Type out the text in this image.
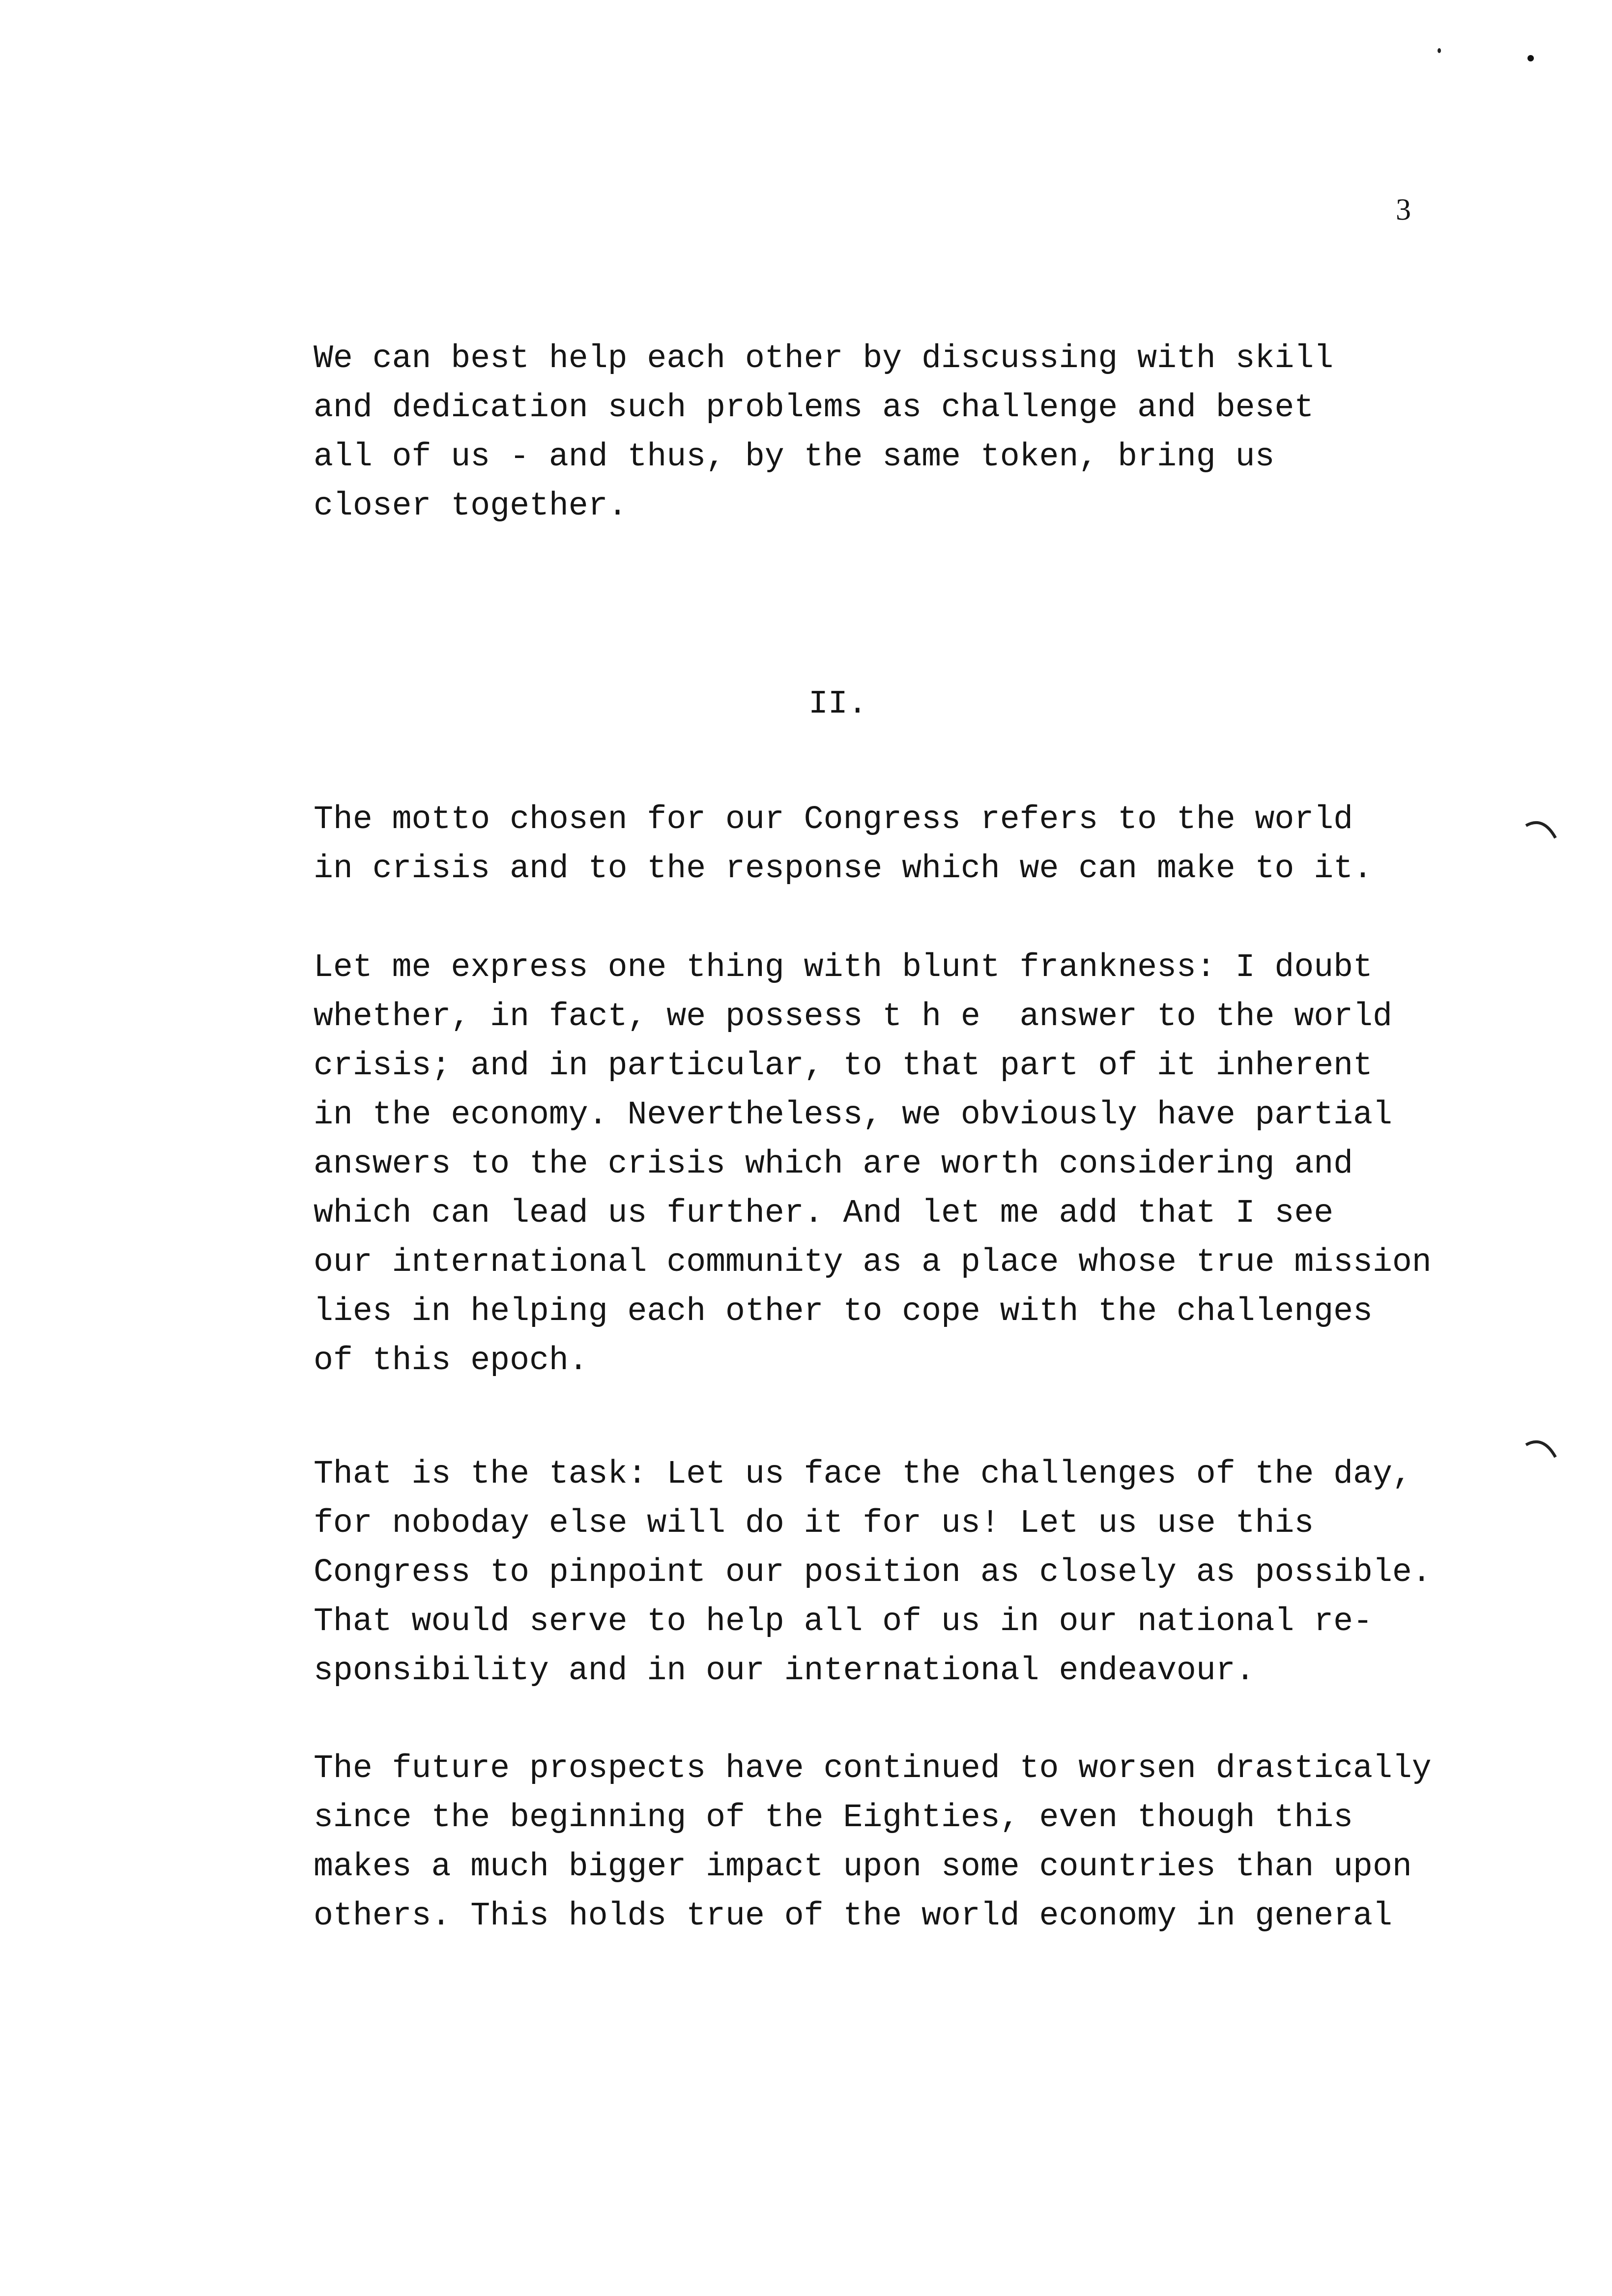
3
II.
We can best help each other by discussing with skill
and dedication such problems as challenge and beset
all of us - and thus, by the same token, bring us
closer together.
The motto chosen for our Congress refers to the world
in crisis and to the response which we can make to it.
Let me express one thing with blunt frankness: I doubt
whether, in fact, we possess t h e  answer to the world
crisis; and in particular, to that part of it inherent
in the economy. Nevertheless, we obviously have partial
answers to the crisis which are worth considering and
which can lead us further. And let me add that I see
our international community as a place whose true mission
lies in helping each other to cope with the challenges
of this epoch.
That is the task: Let us face the challenges of the day,
for noboday else will do it for us! Let us use this
Congress to pinpoint our position as closely as possible.
That would serve to help all of us in our national re-
sponsibility and in our international endeavour.
The future prospects have continued to worsen drastically
since the beginning of the Eighties, even though this
makes a much bigger impact upon some countries than upon
others. This holds true of the world economy in general
